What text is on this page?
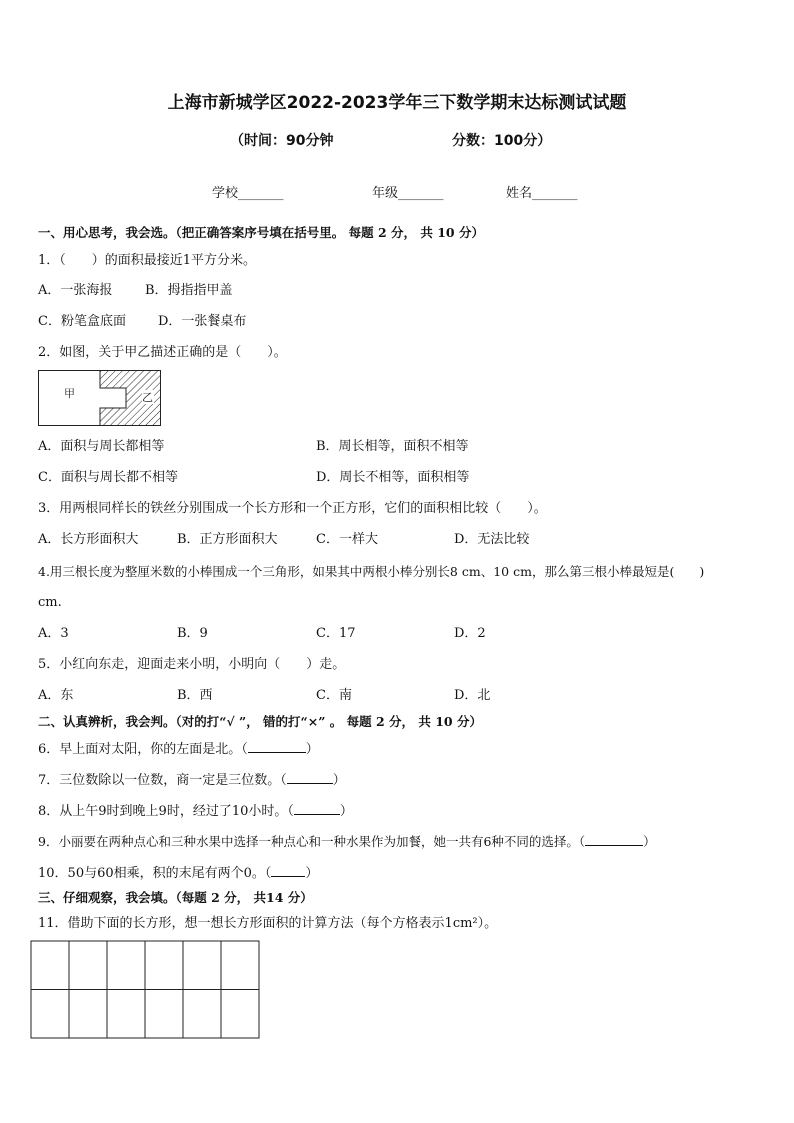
上海市新城学区2022-2023学年三下数学期末达标测试试题
（时间：90分钟	分数：100分）
学校_______	年级_______	姓名_______
一、用心思考，我会选。（把正确答案序号填在括号里。 每题 2 分， 共 10 分）
1．（　　）的面积最接近1平方分米。
A．一张海报	B．拇指指甲盖
C．粉笔盒底面 D．一张餐桌布
2．如图，关于甲乙描述正确的是（　　）。
甲	乙
A．面积与周长都相等	B．周长相等，面积不相等
C．面积与周长都不相等	D．周长不相等，面积相等
3．用两根同样长的铁丝分别围成一个长方形和一个正方形，它们的面积相比较（　　）。
A．长方形面积大	B．正方形面积大	C．一样大	D．无法比较
4.用三根长度为整厘米数的小棒围成一个三角形，如果其中两根小棒分别长8 cm、10 cm，那么第三根小棒最短是(　　)
cm.
A．3	B．9	C．17	D．2
5．小红向东走，迎面走来小明，小明向（　　）走。
A．东	B．西	C．南	D．北
二、认真辨析，我会判。（对的打“√ ”， 错的打“×” 。 每题 2 分， 共 10 分）
6．早上面对太阳，你的左面是北。（	）
7．三位数除以一位数，商一定是三位数。（	）
8．从上午9时到晚上9时，经过了10小时。（	）
9．小丽要在两种点心和三种水果中选择一种点心和一种水果作为加餐，她一共有6种不同的选择。（	）
10．50与60相乘，积的末尾有两个0。（	）
三、仔细观察，我会填。（每题 2 分， 共14 分）
11．借助下面的长方形，想一想长方形面积的计算方法（每个方格表示1cm²）。
